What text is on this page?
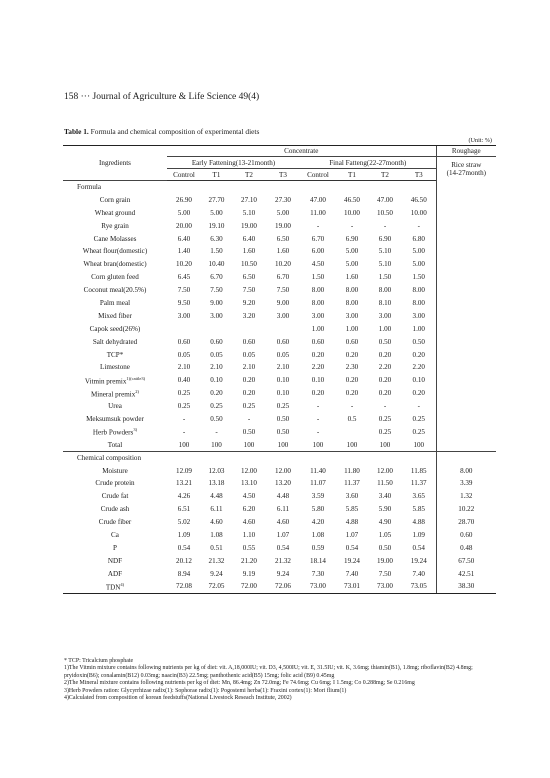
158 ··· Journal of Agriculture & Life Science 49(4)
Table 1. Formula and chemical composition of experimental diets
(Unit: %)
Ingredients	Concentrate								Roughage
	Early Fattening(13-21month)				Final Fatteng(22-27month)				Rice straw
(14-27month)

	Control	T1	T2	T3	Control	T1	T2	T3	
Formula									
Corn grain	26.90	27.70	27.10	27.30	47.00	46.50	47.00	46.50	
Wheat ground	5.00	5.00	5.10	5.00	11.00	10.00	10.50	10.00	
Rye grain	20.00	19.10	19.00	19.00	-	-	-	-	
Cane Molasses	6.40	6.30	6.40	6.50	6.70	6.90	6.90	6.80	
Wheat flour(domestic)	1.40	1.50	1.60	1.60	6.00	5.00	5.10	5.00	
Wheat bran(domestic)	10.20	10.40	10.50	10.20	4.50	5.00	5.10	5.00	
Corn gluten feed	6.45	6.70	6.50	6.70	1.50	1.60	1.50	1.50	
Coconut meal(20.5%)	7.50	7.50	7.50	7.50	8.00	8.00	8.00	8.00	
Palm meal	9.50	9.00	9.20	9.00	8.00	8.00	8.10	8.00	
Mixed fiber	3.00	3.00	3.20	3.00	3.00	3.00	3.00	3.00	
Capok seed(26%)					1.00	1.00	1.00	1.00	
Salt dehydrated	0.60	0.60	0.60	0.60	0.60	0.60	0.50	0.50	
TCP*	0.05	0.05	0.05	0.05	0.20	0.20	0.20	0.20	
Limestone	2.10	2.10	2.10	2.10	2.20	2.30	2.20	2.20	
Vitmin premix$^{1)(cattle3)}$	0.40	0.10	0.20	0.10	0.10	0.20	0.20	0.10	
Mineral premix$^{2)}$	0.25	0.20	0.20	0.10	0.20	0.20	0.20	0.20	
Urea	0.25	0.25	0.25	0.25	-	-	-	-	
Meksumsuk powder	-	0.50	-	0.50	-	0.5	0.25	0.25	
Herb Powders$^{3)}$	-	-	0.50	0.50	-		0.25	0.25	
Total	100	100	100	100	100	100	100	100	
Chemical composition									
Moisture	12.09	12.03	12.00	12.00	11.40	11.80	12.00	11.85	8.00
Crude protein	13.21	13.18	13.10	13.20	11.07	11.37	11.50	11.37	3.39
Crude fat	4.26	4.48	4.50	4.48	3.59	3.60	3.40	3.65	1.32
Crude ash	6.51	6.11	6.20	6.11	5.80	5.85	5.90	5.85	10.22
Crude fiber	5.02	4.60	4.60	4.60	4.20	4.88	4.90	4.88	28.70
Ca	1.09	1.08	1.10	1.07	1.08	1.07	1.05	1.09	0.60
P	0.54	0.51	0.55	0.54	0.59	0.54	0.50	0.54	0.48
NDF	20.12	21.32	21.20	21.32	18.14	19.24	19.00	19.24	67.50
ADF	8.94	9.24	9.19	9.24	7.30	7.40	7.50	7.40	42.51
TDN$^{4)}$	72.08	72.05	72.00	72.06	73.00	73.01	73.00	73.05	38.30
* TCP: Tricalcium phosphate
1)The Vitmin mixture contains following nutrients per kg of diet: vit. A,18,000IU; vit. D3, 4,500IU; vit. E, 31.5IU; vit. K, 3.6mg; thiamin(B1), 1.8mg; riboflavin(B2) 4.8mg; pryidoxin(B6); conalamin(B12) 0.03mg; naacin(B3) 22.5mg; panthothenic acid(B5) 15mg; folic acid (B9) 0.45mg
2)The Mineral mixture contains following nutrients per kg of diet: Mn, 86.4mg; Zn 72.0mg; Fe 74.6mg; Cu 6mg; I 1.5mg; Co 0.288mg; Se 0.216mg
3)Herb Powders ration: Glycyrrhizae radix(1): Sophorae radix(1): Pogostemi herba(1): Fraxini cortex(1): Mori flium(1)
4)Calculated from composition of korean feedstuffs(National Livestock Reseach Institute, 2002)
